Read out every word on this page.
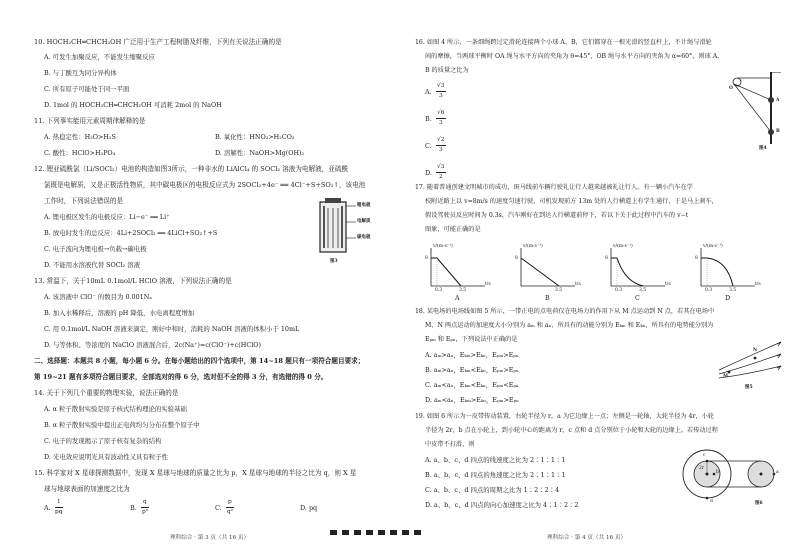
10. HOCH₂CH═CHCH₂OH 广泛用于生产工程树脂及纤维，下列有关说法正确的是
A. 可发生加聚反应，不能发生缩聚反应
B. 与丁酸互为同分异构体
C. 所有原子可能处于同一平面
D. 1mol 的 HOCH₂CH═CHCH₂OH 可消耗 2mol 的 NaOH
11. 下列事实能用元素周期律解释的是
A. 热稳定性：H₂O>H₂S	B. 氧化性：HNO₃>H₂CO₃
C. 酸性：HClO>H₃PO₄	D. 溶解性：NaOH>Mg(OH)₂
12. 锂亚硫酰氯（Li/SOCl₂）电池的构造如图3所示，一种非水的 LiAlCl₄ 的 SOCl₂ 溶液为电解液，亚硫酰
氯既是电解质，又是正极活性物质，其中碳电极区的电极反应式为 2SOCl₂+4e⁻ ══ 4Cl⁻+S+SO₂↑，该电池
工作时，下列说法错误的是
A. 锂电极区发生的电极反应：Li−e⁻ ══ Li⁺
B. 放电时发生的总反应：4Li+2SOCl₂ ══ 4LiCl+SO₂↑+S
C. 电子流向为锂电极→负载→碳电极
D. 不能用水溶液代替 SOCl₂ 溶液
锂电极
电解质
碳电极
图3
13. 常温下，关于10mL 0.1mol/L HClO 溶液，下列说法正确的是
A. 该溶液中 ClO⁻ 的数目为 0.001Nₐ
B. 加入水稀释后，溶液的 pH 降低，水电离程度增加
C. 用 0.1mol/L NaOH 溶液来滴定，刚好中和时，消耗的 NaOH 溶液的体积小于 10mL
D. 与等体积、等浓度的 NaClO 溶液混合后，2c(Na⁺)=c(ClO⁻)+c(HClO)
二、选择题：本题共 8 小题，每小题 6 分。在每小题给出的四个选项中，第 14~18 题只有一项符合题目要求；
第 19~21 题有多项符合题目要求，全部选对的得 6 分，选对但不全的得 3 分，有选错的得 0 分。
14. 关于下列几个重要的物理实验，说法正确的是
A. α 粒子散射实验是原子核式结构理论的实验基础
B. α 粒子散射实验中提出正电荷均匀分布在整个原子中
C. 电子的发现揭示了原子核有复杂的结构
D. 光电效应说明光具有波动性又具有粒子性
15. 科学家对 X 星球探测数据中，发现 X 星球与地球的质量之比为 p，X 星球与地球的半径之比为 q，则 X 星
球与地球表面的加速度之比为
A.
1
pq	B.
q
p²	C.
p
q²	D. pq
理科综合 · 第 3 页（共 16 页）
16. 如图 4 所示，一条细绳跨过定滑轮连接两个小球 A、B，它们都穿在一根光滑的竖直杆上，不计绳与滑轮
间的摩擦，当两球平衡时 OA 绳与水平方向的夹角为 θ=45°，OB 绳与水平方向的夹角为 α=60°，则球 A、
B 的质量之比为
A.
√3
3
B.
√6
3
C.
√2
3
D.
√3
2
O
A
B
图4
17. 随着普通创建文明城市的成功，斑马线前车辆行驶礼让行人越来越被礼让行人。有一辆小汽车在学
校附近路上以 v=8m/s 的速度匀速行驶，司机发现前方 13m 处的人行横道上有学生通行，于是马上刹车，
假设驾驶员反应时间为 0.3s，汽车刚好在到达人行横道前停下，若以下关于此过程中汽车的 v−t
图象，可能正确的是
v/(m·s⁻¹)
8
0.3	3.5
t/s
v/(m·s⁻¹)
8
3.5
t/s
v/(m·s⁻¹)
8
0.3	3.5
t/s
v/(m·s⁻¹)
8
0.3	3.5
t/s
A	B	C	D
18. 某电场的电场线如图 5 所示，一带正电的点电荷仅在电场力的作用下从 M 点运动到 N 点，若其在电场中
M、N 两点运动的加速度大小分别为 aₘ 和 aₙ，所具有的动能分别为 Eₖₘ 和 Eₖₙ，所具有的电势能分别为
Eₚₘ 和 Eₚₙ，下列说法中正确的是
A. aₘ>aₙ，Eₖₘ>Eₖₙ，Eₚₘ>Eₚₙ
B. aₘ>aₙ，Eₖₘ<Eₖₙ，Eₚₘ>Eₚₙ
C. aₘ<aₙ，Eₖₘ<Eₖₙ，Eₚₘ<Eₚₙ
D. aₘ<aₙ，Eₖₘ>Eₖₙ，Eₚₘ>Eₚₙ
M
N
图5
19. 如图 6 所示为一皮带传动装置，右轮半径为 r，a 为它边缘上一点；左侧是一轮轴，大轮半径为 4r，小轮
半径为 2r，b 点在小轮上，到小轮中心的距离为 r，c 点和 d 点分别位于小轮和大轮的边缘上。若传动过程
中皮带不打滑，则
A. a、b、c、d 四点的线速度之比为 2∶1∶1∶1
B. a、b、c、d 四点的角速度之比为 2∶1∶1∶1
C. a、b、c、d 四点的周期之比为 1∶2∶2∶4
D. a、b、c、d 四点的向心加速度之比为 4∶1∶2∶2
c
2r
b	a
d	图6
理科综合 · 第 4 页（共 16 页）
